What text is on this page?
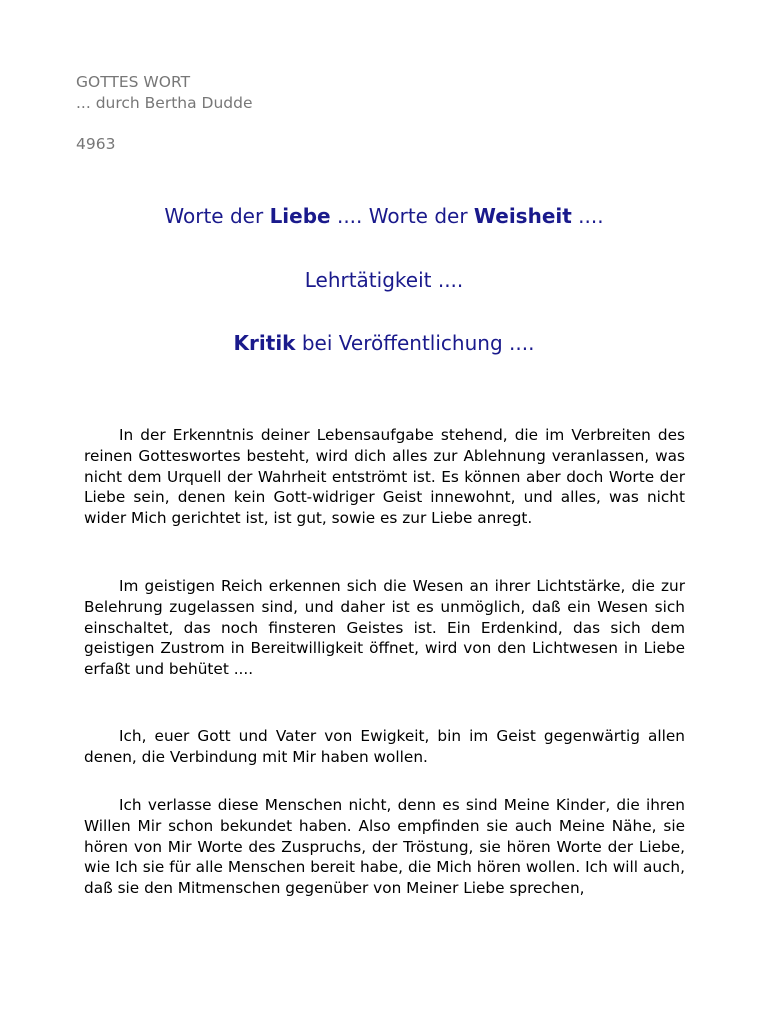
GOTTES WORT
... durch Bertha Dudde
4963
Worte der Liebe .... Worte der Weisheit ....
Lehrtätigkeit ....
Kritik bei Veröffentlichung ....

In der Erkenntnis deiner Lebensaufgabe stehend, die im Verbreiten des reinen Gotteswortes besteht, wird dich alles zur Ablehnung veranlassen, was nicht dem Urquell der Wahrheit entströmt ist. Es können aber doch Worte der Liebe sein, denen kein Gott-widriger Geist innewohnt, und alles, was nicht wider Mich gerichtet ist, ist gut, sowie es zur Liebe anregt.

Im geistigen Reich erkennen sich die Wesen an ihrer Lichtstärke, die zur Belehrung zugelassen sind, und daher ist es unmöglich, daß ein Wesen sich einschaltet, das noch finsteren Geistes ist. Ein Erdenkind, das sich dem geistigen Zustrom in Bereitwilligkeit öffnet, wird von den Lichtwesen in Liebe erfaßt und behütet ....

Ich, euer Gott und Vater von Ewigkeit, bin im Geist gegenwärtig allen denen, die Verbindung mit Mir haben wollen.

Ich verlasse diese Menschen nicht, denn es sind Meine Kinder, die ihren Willen Mir schon bekundet haben. Also empfinden sie auch Meine Nähe, sie hören von Mir Worte des Zuspruchs, der Tröstung, sie hören Worte der Liebe, wie Ich sie für alle Menschen bereit habe, die Mich hören wollen. Ich will auch, daß sie den Mitmenschen gegenüber von Meiner Liebe sprechen,
